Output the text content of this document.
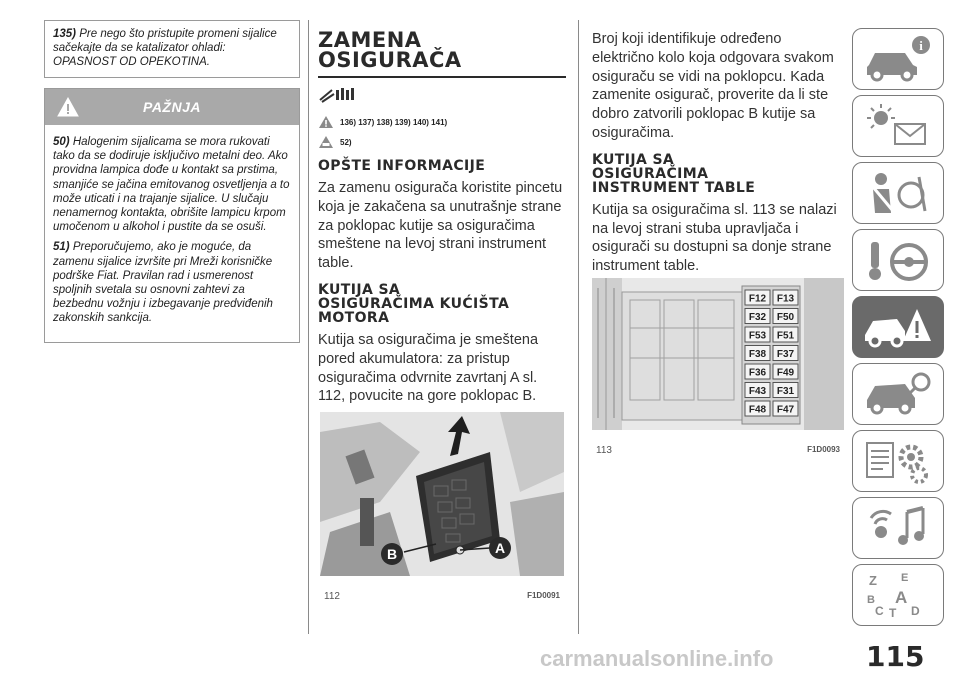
135) Pre nego što pristupite promeni sijalice sačekajte da se katalizator ohladi: OPASNOST OD OPEKOTINA.
PAŽNJA

50) Halogenim sijalicama se mora rukovati tako da se dodiruje isključivo metalni deo. Ako providna lampica dođe u kontakt sa prstima, smanjiće se jačina emitovanog osvetljenja a to može uticati i na trajanje sijalice. U slučaju nenamernog kontakta, obrišite lampicu krpom umočenom u alkohol i pustite da se osuši.

51) Preporučujemo, ako je moguće, da zamenu sijalice izvršite pri Mreži korisničke podrške Fiat. Pravilan rad i usmerenost spoljnih svetala su osnovni zahtevi za bezbednu vožnju i izbegavanje predviđenih zakonskih sankcija.

ZAMENA
OSIGURAČA
136) 137) 138) 139) 140) 141)
52)
OPŠTE INFORMACIJE
Za zamenu osigurača koristite pincetu koja je zakačena sa unutrašnje strane za poklopac kutije sa osiguračima smeštene na levoj strani instrument table.
KUTIJA SA
OSIGURAČIMA KUĆIŠTA
MOTORA
Kutija sa osiguračima je smeštena pored akumulatora: za pristup osiguračima odvrnite zavrtanj A sl. 112, povucite na gore poklopac B.
A
B
112	F1D0091
Broj koji identifikuje određeno električno kolo koja odgovara svakom osiguraču se vidi na poklopcu. Kada zamenite osigurač, proverite da li ste dobro zatvorili poklopac B kutije sa osiguračima.
KUTIJA SA
OSIGURAČIMA
INSTRUMENT TABLE
Kutija sa osiguračima sl. 113 se nalazi na levoj strani stuba upravljača i osigurači su dostupni sa donje strane instrument table.
F12 F13
F32 F50
F53 F51
F38 F37
F36 F49
F43 F31
F48 F47
113	F1D0093
i
Z E
B A
C T D
carmanualsonline.info	115
